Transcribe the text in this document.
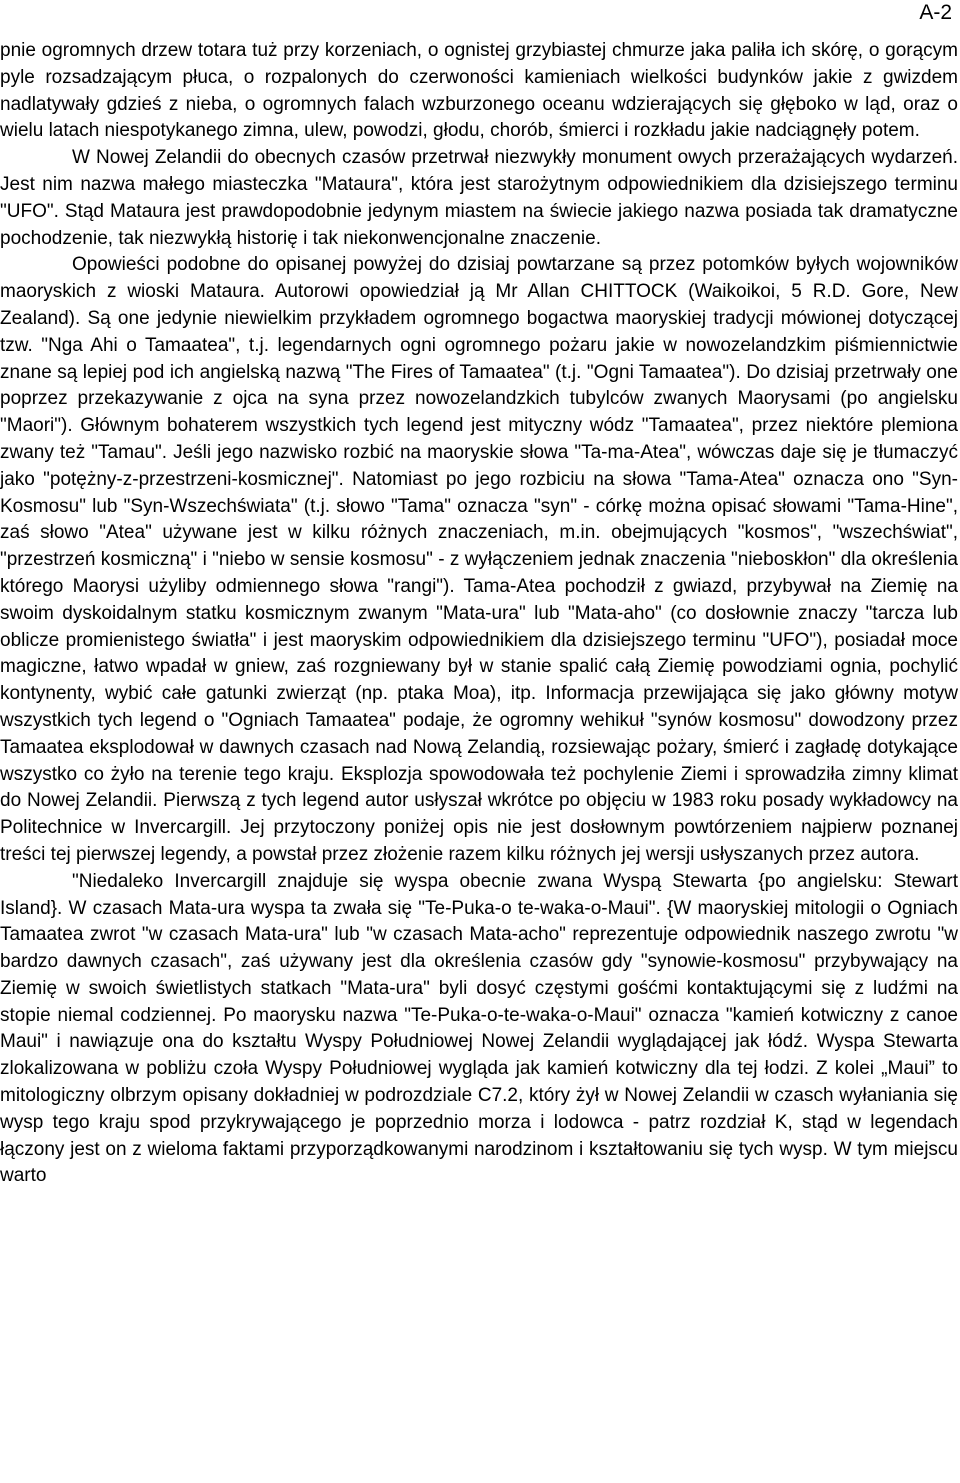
A-2

pnie ogromnych drzew totara tuż przy korzeniach, o ognistej grzybiastej chmurze jaka paliła ich skórę, o gorącym pyle rozsadzającym płuca, o rozpalonych do czerwoności kamieniach wielkości budynków jakie z gwizdem nadlatywały gdzieś z nieba, o ogromnych falach wzburzonego oceanu wdzierających się głęboko w ląd, oraz o wielu latach niespotykanego zimna, ulew, powodzi, głodu, chorób, śmierci i rozkładu jakie nadciągnęły potem.

W Nowej Zelandii do obecnych czasów przetrwał niezwykły monument owych przerażających wydarzeń. Jest nim nazwa małego miasteczka "Mataura", która jest starożytnym odpowiednikiem dla dzisiejszego terminu "UFO". Stąd Mataura jest prawdopodobnie jedynym miastem na świecie jakiego nazwa posiada tak dramatyczne pochodzenie, tak niezwykłą historię i tak niekonwencjonalne znaczenie.

Opowieści podobne do opisanej powyżej do dzisiaj powtarzane są przez potomków byłych wojowników maoryskich z wioski Mataura. Autorowi opowiedział ją Mr Allan CHITTOCK (Waikoikoi, 5 R.D. Gore, New Zealand). Są one jedynie niewielkim przykładem ogromnego bogactwa maoryskiej tradycji mówionej dotyczącej tzw. "Nga Ahi o Tamaatea", t.j. legendarnych ogni ogromnego pożaru jakie w nowozelandzkim piśmiennictwie znane są lepiej pod ich angielską nazwą "The Fires of Tamaatea" (t.j. "Ogni Tamaatea"). Do dzisiaj przetrwały one poprzez przekazywanie z ojca na syna przez nowozelandzkich tubylców zwanych Maorysami (po angielsku "Maori"). Głównym bohaterem wszystkich tych legend jest mityczny wódz "Tamaatea", przez niektóre plemiona zwany też "Tamau". Jeśli jego nazwisko rozbić na maoryskie słowa "Ta-ma-Atea", wówczas daje się je tłumaczyć jako "potężny-z-przestrzeni-kosmicznej". Natomiast po jego rozbiciu na słowa "Tama-Atea" oznacza ono "Syn-Kosmosu" lub "Syn-Wszechświata" (t.j. słowo "Tama" oznacza "syn" - córkę można opisać słowami "Tama-Hine", zaś słowo "Atea" używane jest w kilku różnych znaczeniach, m.in. obejmujących "kosmos", "wszechświat", "przestrzeń kosmiczną" i "niebo w sensie kosmosu" - z wyłączeniem jednak znaczenia "nieboskłon" dla określenia którego Maorysi użyliby odmiennego słowa "rangi"). Tama-Atea pochodził z gwiazd, przybywał na Ziemię na swoim dyskoidalnym statku kosmicznym zwanym "Mata-ura" lub "Mata-aho" (co dosłownie znaczy "tarcza lub oblicze promienistego światła" i jest maoryskim odpowiednikiem dla dzisiejszego terminu "UFO"), posiadał moce magiczne, łatwo wpadał w gniew, zaś rozgniewany był w stanie spalić całą Ziemię powodziami ognia, pochylić kontynenty, wybić całe gatunki zwierząt (np. ptaka Moa), itp. Informacja przewijająca się jako główny motyw wszystkich tych legend o "Ogniach Tamaatea" podaje, że ogromny wehikuł "synów kosmosu" dowodzony przez Tamaatea eksplodował w dawnych czasach nad Nową Zelandią, rozsiewając pożary, śmierć i zagładę dotykające wszystko co żyło na terenie tego kraju. Eksplozja spowodowała też pochylenie Ziemi i sprowadziła zimny klimat do Nowej Zelandii. Pierwszą z tych legend autor usłyszał wkrótce po objęciu w 1983 roku posady wykładowcy na Politechnice w Invercargill. Jej przytoczony poniżej opis nie jest dosłownym powtórzeniem najpierw poznanej treści tej pierwszej legendy, a powstał przez złożenie razem kilku różnych jej wersji usłyszanych przez autora.

"Niedaleko Invercargill znajduje się wyspa obecnie zwana Wyspą Stewarta {po angielsku: Stewart Island}. W czasach Mata-ura wyspa ta zwała się "Te-Puka-o te-waka-o-Maui". {W maoryskiej mitologii o Ogniach Tamaatea zwrot "w czasach Mata-ura" lub "w czasach Mata-acho" reprezentuje odpowiednik naszego zwrotu "w bardzo dawnych czasach", zaś używany jest dla określenia czasów gdy "synowie-kosmosu" przybywający na Ziemię w swoich świetlistych statkach "Mata-ura" byli dosyć częstymi gośćmi kontaktującymi się z ludźmi na stopie niemal codziennej. Po maorysku nazwa "Te-Puka-o-te-waka-o-Maui" oznacza "kamień kotwiczny z canoe Maui" i nawiązuje ona do kształtu Wyspy Południowej Nowej Zelandii wyglądającej jak łódź. Wyspa Stewarta zlokalizowana w pobliżu czoła Wyspy Południowej wygląda jak kamień kotwiczny dla tej łodzi. Z kolei „Maui” to mitologiczny olbrzym opisany dokładniej w podrozdziale C7.2, który żył w Nowej Zelandii w czasch wyłaniania się wysp tego kraju spod przykrywającego je poprzednio morza i lodowca - patrz rozdział K, stąd w legendach łączony jest on z wieloma faktami przyporządkowanymi narodzinom i kształtowaniu się tych wysp. W tym miejscu warto
